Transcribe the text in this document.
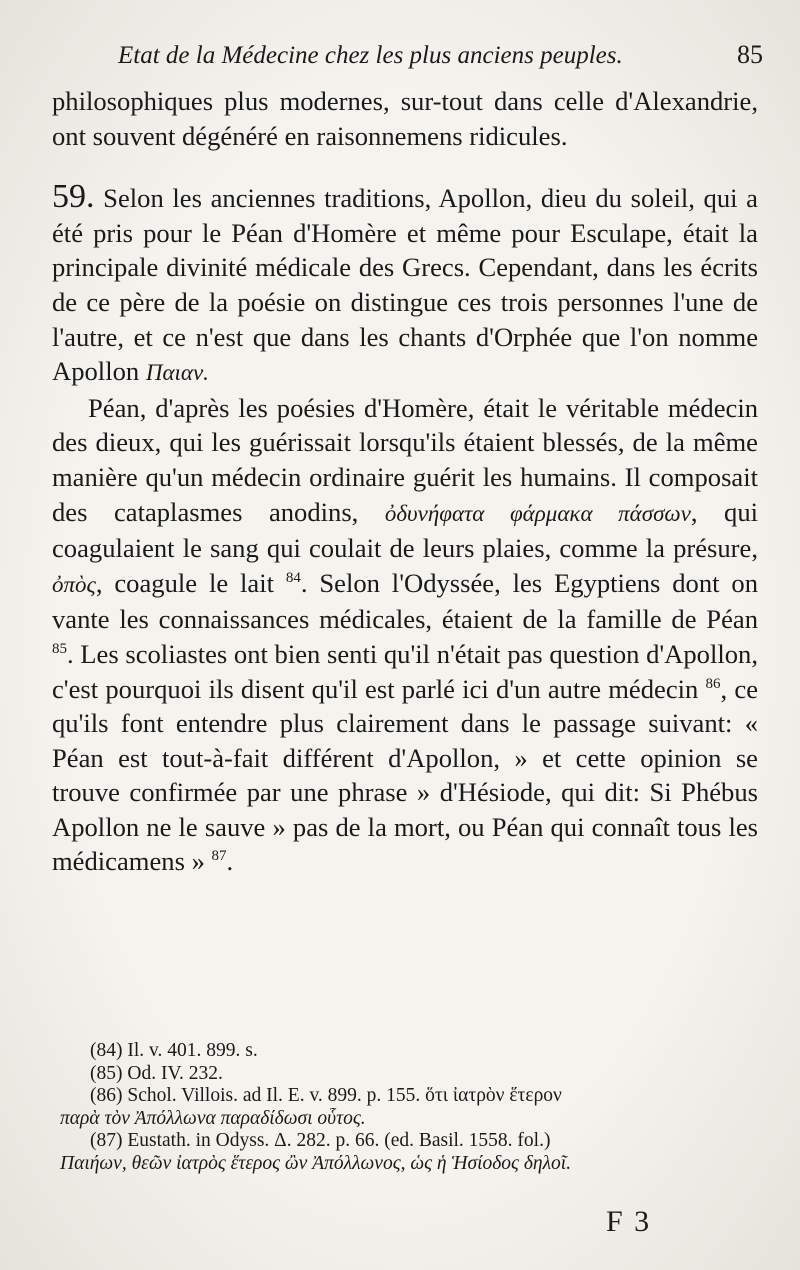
Etat de la Médecine chez les plus anciens peuples.	85

philosophiques plus modernes, sur-tout dans celle d'Alexandrie, ont souvent dégénéré en raisonnemens ridicules.

59. Selon les anciennes traditions, Apollon, dieu du soleil, qui a été pris pour le Péan d'Homère et même pour Esculape, était la principale divinité médicale des Grecs. Cependant, dans les écrits de ce père de la poésie on distingue ces trois personnes l'une de l'autre, et ce n'est que dans les chants d'Orphée que l'on nomme Apollon Παιαν.

Péan, d'après les poésies d'Homère, était le véritable médecin des dieux, qui les guérissait lorsqu'ils étaient blessés, de la même manière qu'un médecin ordinaire guérit les humains. Il composait des cataplasmes anodins, ὀδυνήφατα φάρμακα πάσσων, qui coagulaient le sang qui coulait de leurs plaies, comme la présure, ὀπὸς, coagule le lait $^{84}$. Selon l'Odyssée, les Egyptiens dont on vante les connaissances médicales, étaient de la famille de Péan $^{85}$. Les scoliastes ont bien senti qu'il n'était pas question d'Apollon, c'est pourquoi ils disent qu'il est parlé ici d'un autre médecin $^{86}$, ce qu'ils font entendre plus clairement dans le passage suivant: « Péan est tout-à-fait différent d'Apollon, » et cette opinion se trouve confirmée par une phrase » d'Hésiode, qui dit: Si Phébus Apollon ne le sauve » pas de la mort, ou Péan qui connaît tous les médicamens » $^{87}$.

(84) Il. v. 401. 899. s.
(85) Od. IV. 232.
(86) Schol. Villois. ad Il. E. v. 899. p. 155. ὅτι ἰατρὸν ἕτερον
παρὰ τὸν Ἀπόλλωνα παραδίδωσι οὗτος.
(87) Eustath. in Odyss. Δ. 282. p. 66. (ed. Basil. 1558. fol.)
Παιήων, θεῶν ἰατρὸς ἕτερος ὢν Ἀπόλλωνος, ὡς ἡ Ἡσίοδος δηλοῖ.
F 3
